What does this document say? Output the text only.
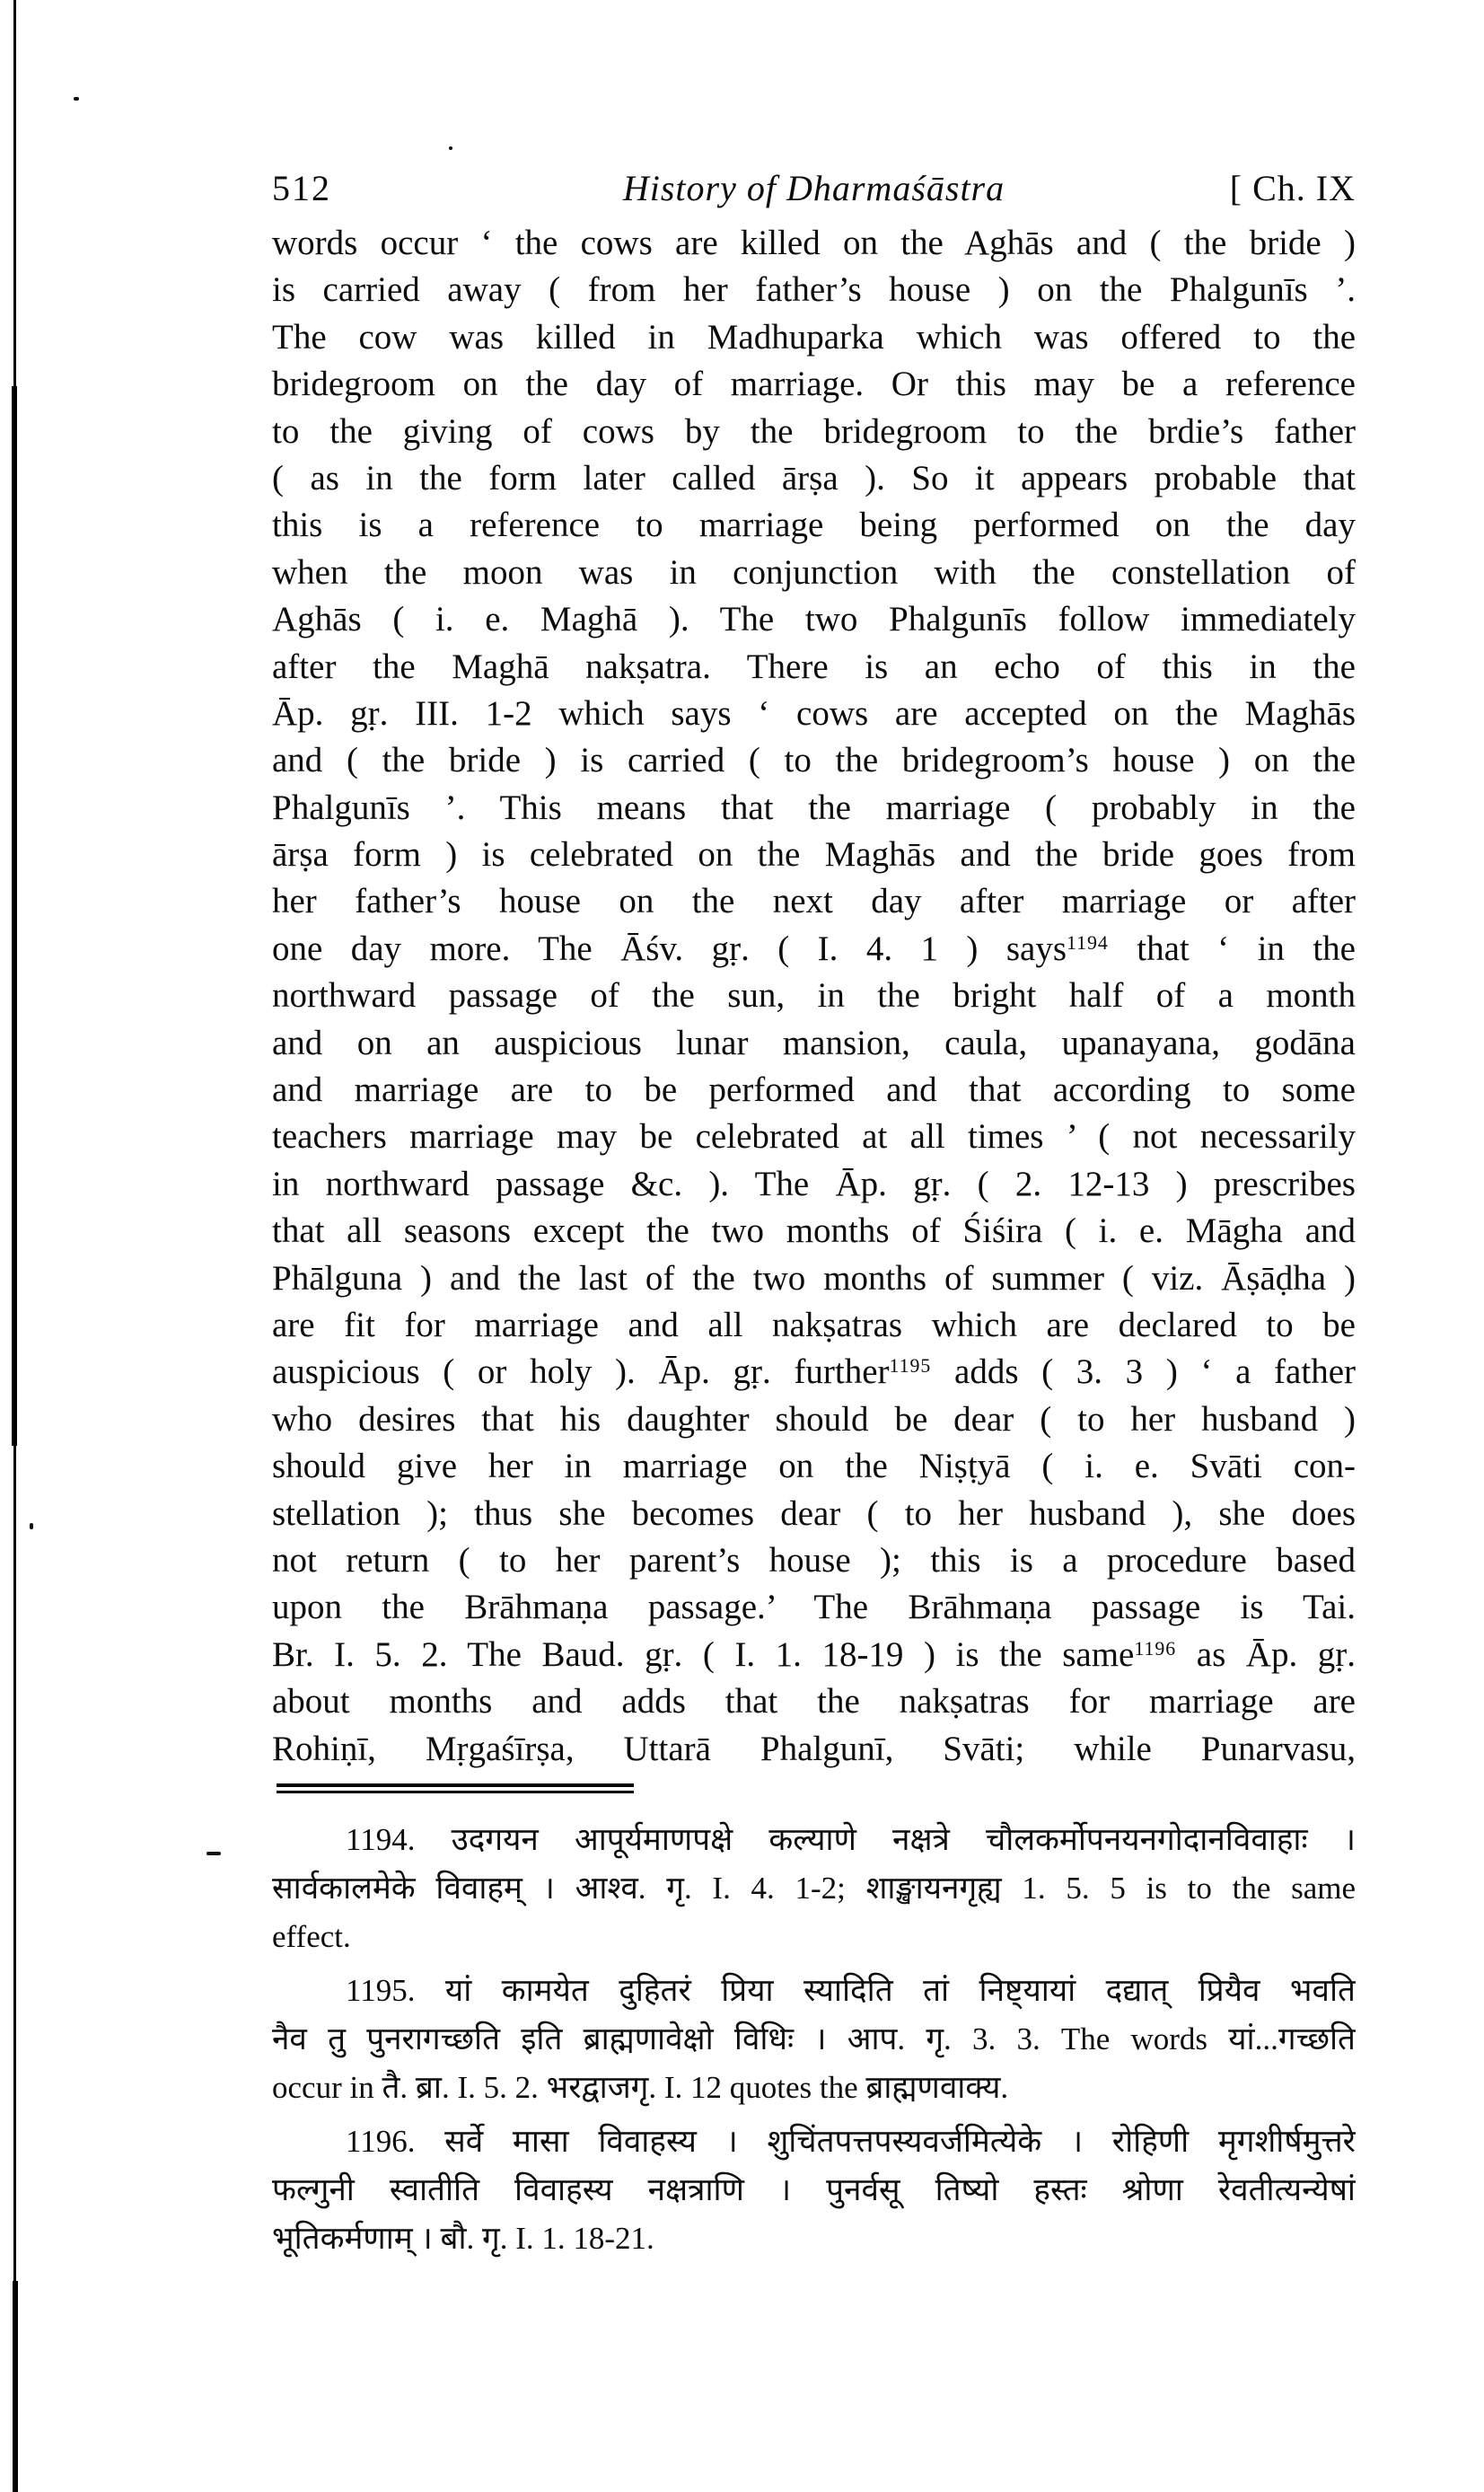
512	History of Dharmaśāstra	[ Ch. IX
words occur ‘ the cows are killed on the Aghās and ( the bride )
is carried away ( from her father’s house ) on the Phalgunīs ’.
The cow was killed in Madhuparka which was offered to the
bridegroom on the day of marriage. Or this may be a reference
to the giving of cows by the bridegroom to the brdie’s father
( as in the form later called ārṣa ). So it appears probable that
this is a reference to marriage being performed on the day
when the moon was in conjunction with the constellation of
Aghās ( i. e. Maghā ). The two Phalgunīs follow immediately
after the Maghā nakṣatra. There is an echo of this in the
Āp. gṛ. III. 1-2 which says ‘ cows are accepted on the Maghās
and ( the bride ) is carried ( to the bridegroom’s house ) on the
Phalgunīs ’. This means that the marriage ( probably in the
ārṣa form ) is celebrated on the Maghās and the bride goes from
her father’s house on the next day after marriage or after
one day more. The Āśv. gṛ. ( I. 4. 1 ) says$^{1194}$ that ‘ in the
northward passage of the sun, in the bright half of a month
and on an auspicious lunar mansion, caula, upanayana, godāna
and marriage are to be performed and that according to some
teachers marriage may be celebrated at all times ’ ( not necessarily
in northward passage &c. ). The Āp. gṛ. ( 2. 12-13 ) prescribes
that all seasons except the two months of Śiśira ( i. e. Māgha and
Phālguna ) and the last of the two months of summer ( viz. Āṣāḍha )
are fit for marriage and all nakṣatras which are declared to be
auspicious ( or holy ). Āp. gṛ. further$^{1195}$ adds ( 3. 3 ) ‘ a father
who desires that his daughter should be dear ( to her husband )
should give her in marriage on the Niṣṭyā ( i. e. Svāti con-
stellation ); thus she becomes dear ( to her husband ), she does
not return ( to her parent’s house ); this is a procedure based
upon the Brāhmaṇa passage.’ The Brāhmaṇa passage is Tai.
Br. I. 5. 2. The Baud. gṛ. ( I. 1. 18-19 ) is the same$^{1196}$ as Āp. gṛ.
about months and adds that the nakṣatras for marriage are
Rohiṇī, Mṛgaśīrṣa, Uttarā Phalgunī, Svāti; while Punarvasu,
1194. उदगयन आपूर्यमाणपक्षे कल्याणे नक्षत्रे चौलकर्मोपनयनगोदानविवाहाः ।
सार्वकालमेके विवाहम् । आश्व. गृ. I. 4. 1-2; शाङ्खायनगृह्य 1. 5. 5 is to the same
effect.
1195. यां कामयेत दुहितरं प्रिया स्यादिति तां निष्ट्यायां दद्यात् प्रियैव भवति
नैव तु पुनरागच्छति इति ब्राह्मणावेक्षो विधिः । आप. गृ. 3. 3. The words यां...गच्छति
occur in तै. ब्रा. I. 5. 2. भरद्वाजगृ. I. 12 quotes the ब्राह्मणवाक्य.
1196. सर्वे मासा विवाहस्य । शुचिंतपत्तपस्यवर्जमित्येके । रोहिणी मृगशीर्षमुत्तरे
फल्गुनी स्वातीति विवाहस्य नक्षत्राणि । पुनर्वसू तिष्यो हस्तः श्रोणा रेवतीत्यन्येषां
भूतिकर्मणाम् । बौ. गृ. I. 1. 18-21.
